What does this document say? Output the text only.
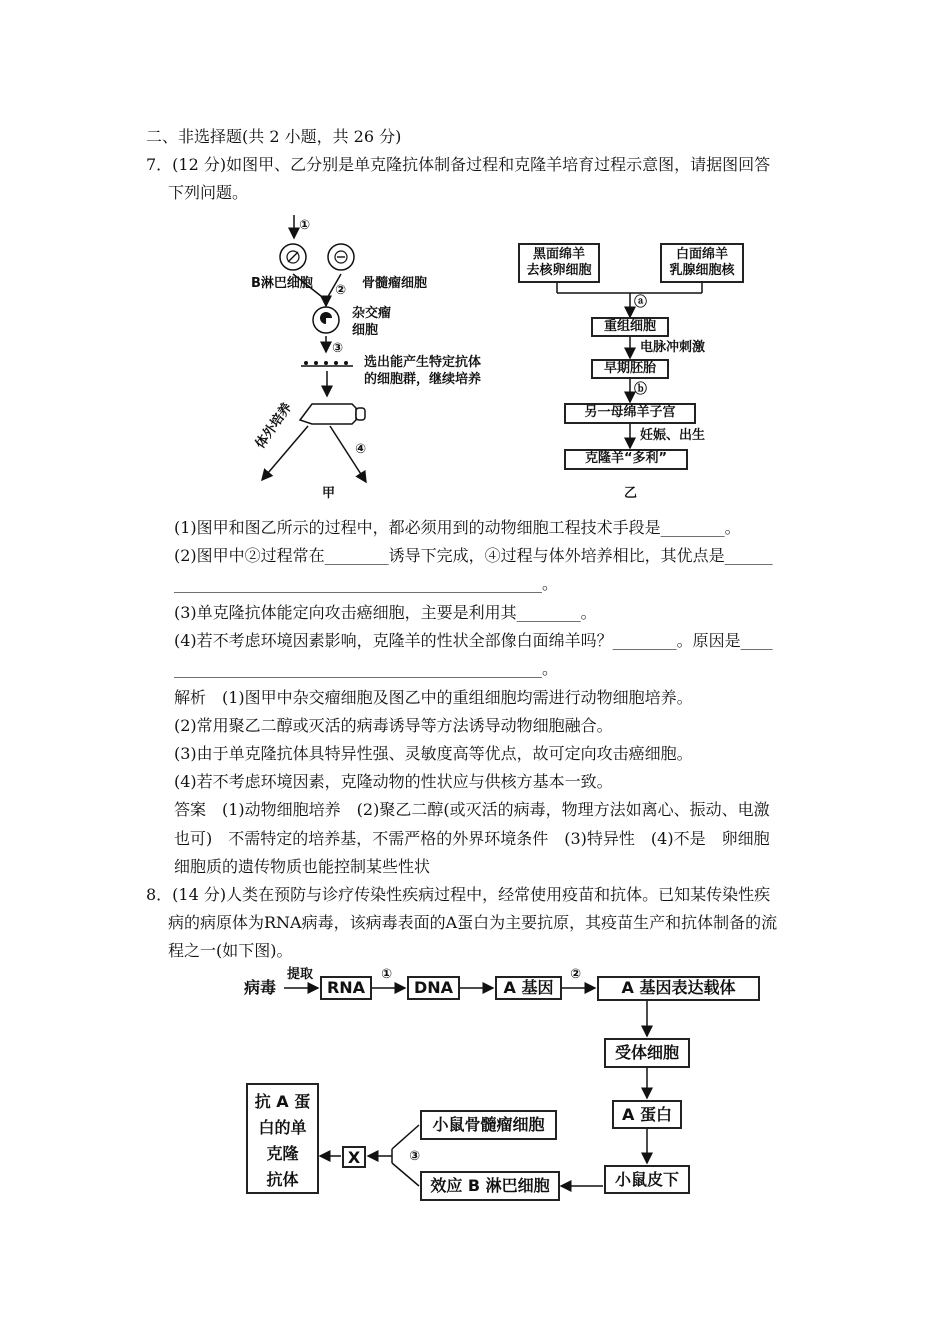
二、非选择题(共 2 小题，共 26 分)
7．(12 分)如图甲、乙分别是单克隆抗体制备过程和克隆羊培育过程示意图，请据图回答
下列问题。
①
B淋巴细胞	骨髓瘤细胞
②
杂交瘤
细胞
③
选出能产生特定抗体
的细胞群，继续培养
体外培养	④
甲
黑面绵羊
去核卵细胞
白面绵羊
乳腺细胞核
ⓐ
重组细胞
电脉冲刺激
早期胚胎
ⓑ
另一母绵羊子宫
妊娠、出生
克隆羊“多利”
乙
(1)图甲和图乙所示的过程中，都必须用到的动物细胞工程技术手段是________。
(2)图甲中②过程常在________诱导下完成，④过程与体外培养相比，其优点是______
______________________________________________。
(3)单克隆抗体能定向攻击癌细胞，主要是利用其________。
(4)若不考虑环境因素影响，克隆羊的性状全部像白面绵羊吗？________。原因是____
______________________________________________。
解析　(1)图甲中杂交瘤细胞及图乙中的重组细胞均需进行动物细胞培养。
(2)常用聚乙二醇或灭活的病毒诱导等方法诱导动物细胞融合。
(3)由于单克隆抗体具特异性强、灵敏度高等优点，故可定向攻击癌细胞。
(4)若不考虑环境因素，克隆动物的性状应与供核方基本一致。
答案　(1)动物细胞培养　(2)聚乙二醇(或灭活的病毒，物理方法如离心、振动、电激
也可)　不需特定的培养基，不需严格的外界环境条件　(3)特异性　(4)不是　卵细胞
细胞质的遗传物质也能控制某些性状
8．(14 分)人类在预防与诊疗传染性疾病过程中，经常使用疫苗和抗体。已知某传染性疾
病的病原体为RNA病毒，该病毒表面的A蛋白为主要抗原，其疫苗生产和抗体制备的流
程之一(如下图)。
病毒
提取
RNA
①
DNA	A 基因
②
A 基因表达载体
受体细胞
A 蛋白
小鼠皮下
小鼠骨髓瘤细胞
效应 B 淋巴细胞
③
X
抗 A 蛋
白的单
克隆
抗体
